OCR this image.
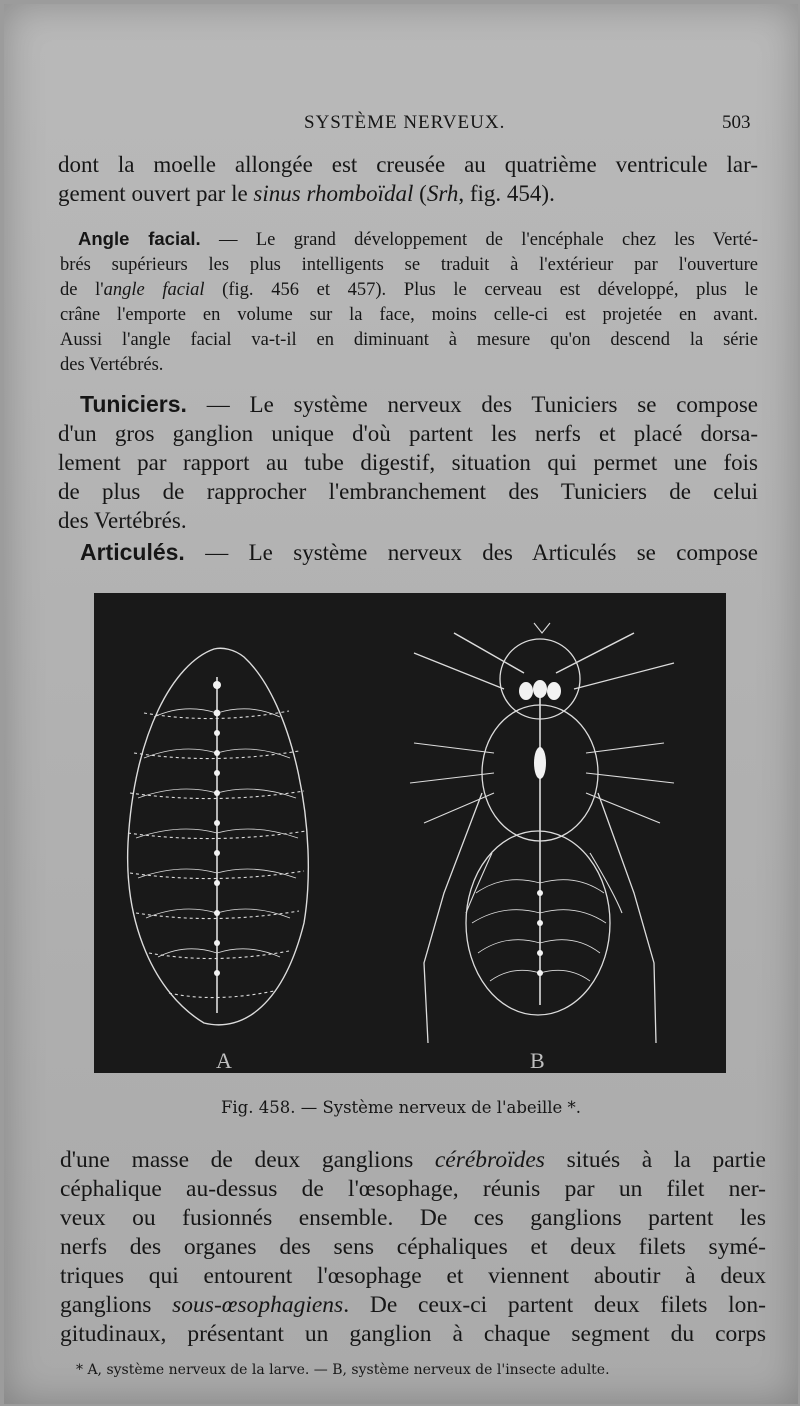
SYSTÈME NERVEUX.	503
dont la moelle allongée est creusée au quatrième ventricule lar-
gement ouvert par le sinus rhomboïdal (Srh, fig. 454).
Angle facial. — Le grand développement de l'encéphale chez les Verté-
brés supérieurs les plus intelligents se traduit à l'extérieur par l'ouverture
de l'angle facial (fig. 456 et 457). Plus le cerveau est développé, plus le
crâne l'emporte en volume sur la face, moins celle-ci est projetée en avant.
Aussi l'angle facial va-t-il en diminuant à mesure qu'on descend la série
des Vertébrés.
Tuniciers. — Le système nerveux des Tuniciers se compose
d'un gros ganglion unique d'où partent les nerfs et placé dorsa-
lement par rapport au tube digestif, situation qui permet une fois
de plus de rapprocher l'embranchement des Tuniciers de celui
des Vertébrés.
Articulés. — Le système nerveux des Articulés se compose
A	B
Fig. 458. — Système nerveux de l'abeille *.
d'une masse de deux ganglions cérébroïdes situés à la partie
céphalique au-dessus de l'œsophage, réunis par un filet ner-
veux ou fusionnés ensemble. De ces ganglions partent les
nerfs des organes des sens céphaliques et deux filets symé-
triques qui entourent l'œsophage et viennent aboutir à deux
ganglions sous-œsophagiens. De ceux-ci partent deux filets lon-
gitudinaux, présentant un ganglion à chaque segment du corps
* A, système nerveux de la larve. — B, système nerveux de l'insecte adulte.
